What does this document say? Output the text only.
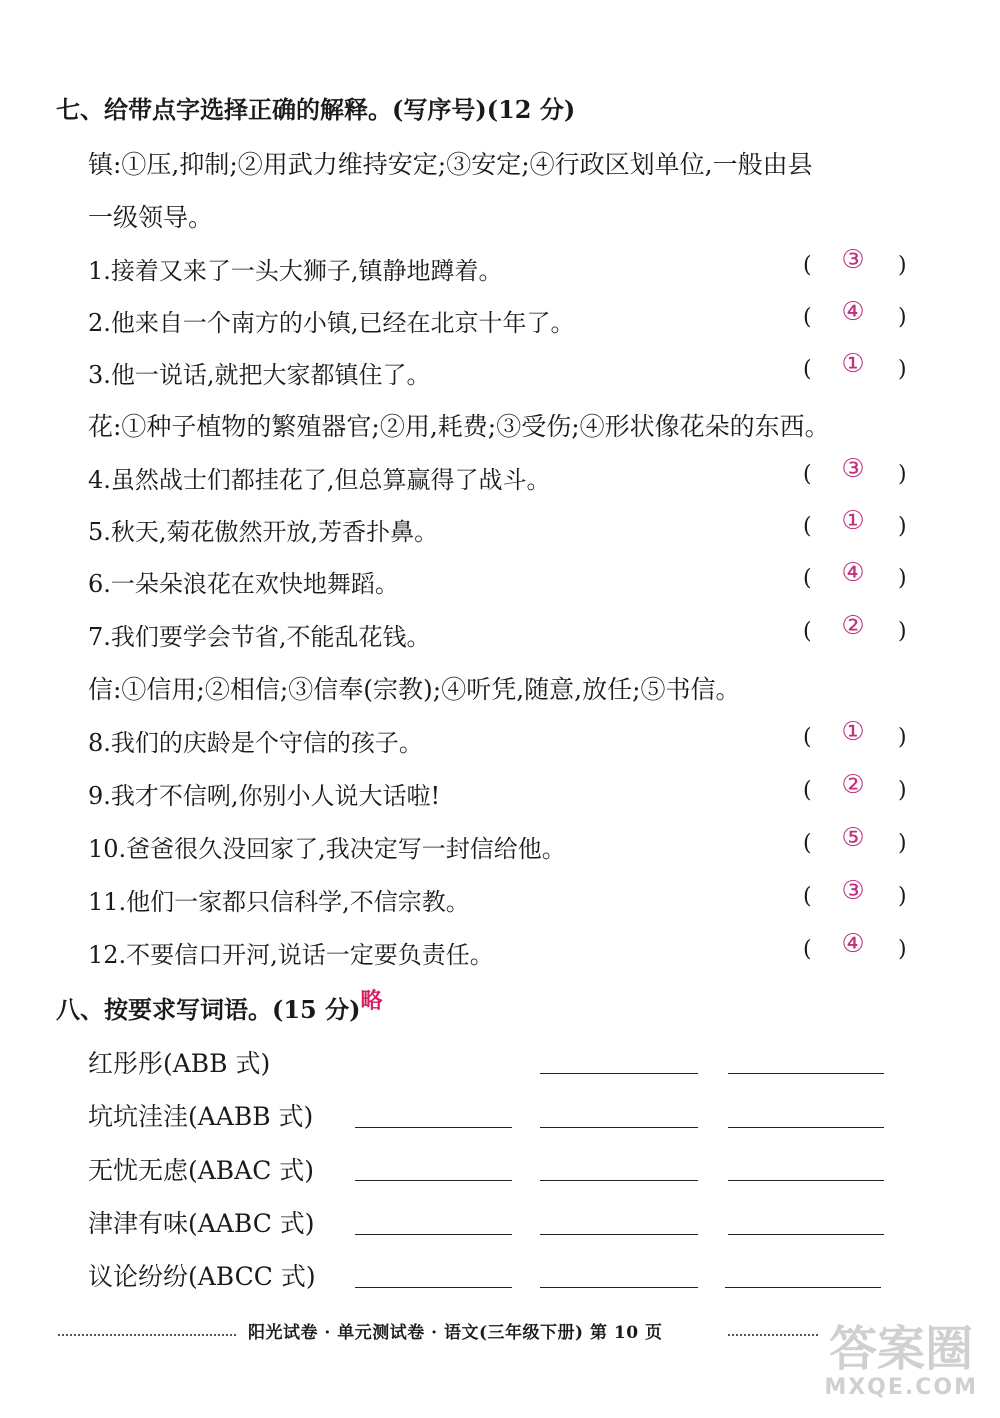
七、给带点字选择正确的解释。(写序号)(12 分)
镇:①压,抑制;②用武力维持安定;③安定;④行政区划单位,一般由县
一级领导。
1.接着又来了一头大狮子,镇静地蹲着。	( ③ )
2.他来自一个南方的小镇,已经在北京十年了。	( ④ )
3.他一说话,就把大家都镇住了。	( ① )
花:①种子植物的繁殖器官;②用,耗费;③受伤;④形状像花朵的东西。
4.虽然战士们都挂花了,但总算赢得了战斗。	( ③ )
5.秋天,菊花傲然开放,芳香扑鼻。	( ① )
6.一朵朵浪花在欢快地舞蹈。	( ④ )
7.我们要学会节省,不能乱花钱。	( ② )
信:①信用;②相信;③信奉(宗教);④听凭,随意,放任;⑤书信。
8.我们的庆龄是个守信的孩子。	( ① )
9.我才不信咧,你别小人说大话啦!	( ② )
10.爸爸很久没回家了,我决定写一封信给他。	( ⑤ )
11.他们一家都只信科学,不信宗教。	( ③ )
12.不要信口开河,说话一定要负责任。	( ④ )
八、按要求写词语。(15 分)略
红彤彤(ABB 式)
坑坑洼洼(AABB 式)
无忧无虑(ABAC 式)
津津有味(AABC 式)
议论纷纷(ABCC 式)
阳光试卷 · 单元测试卷 · 语文(三年级下册) 第 10 页	答案圈
MXQE.COM
